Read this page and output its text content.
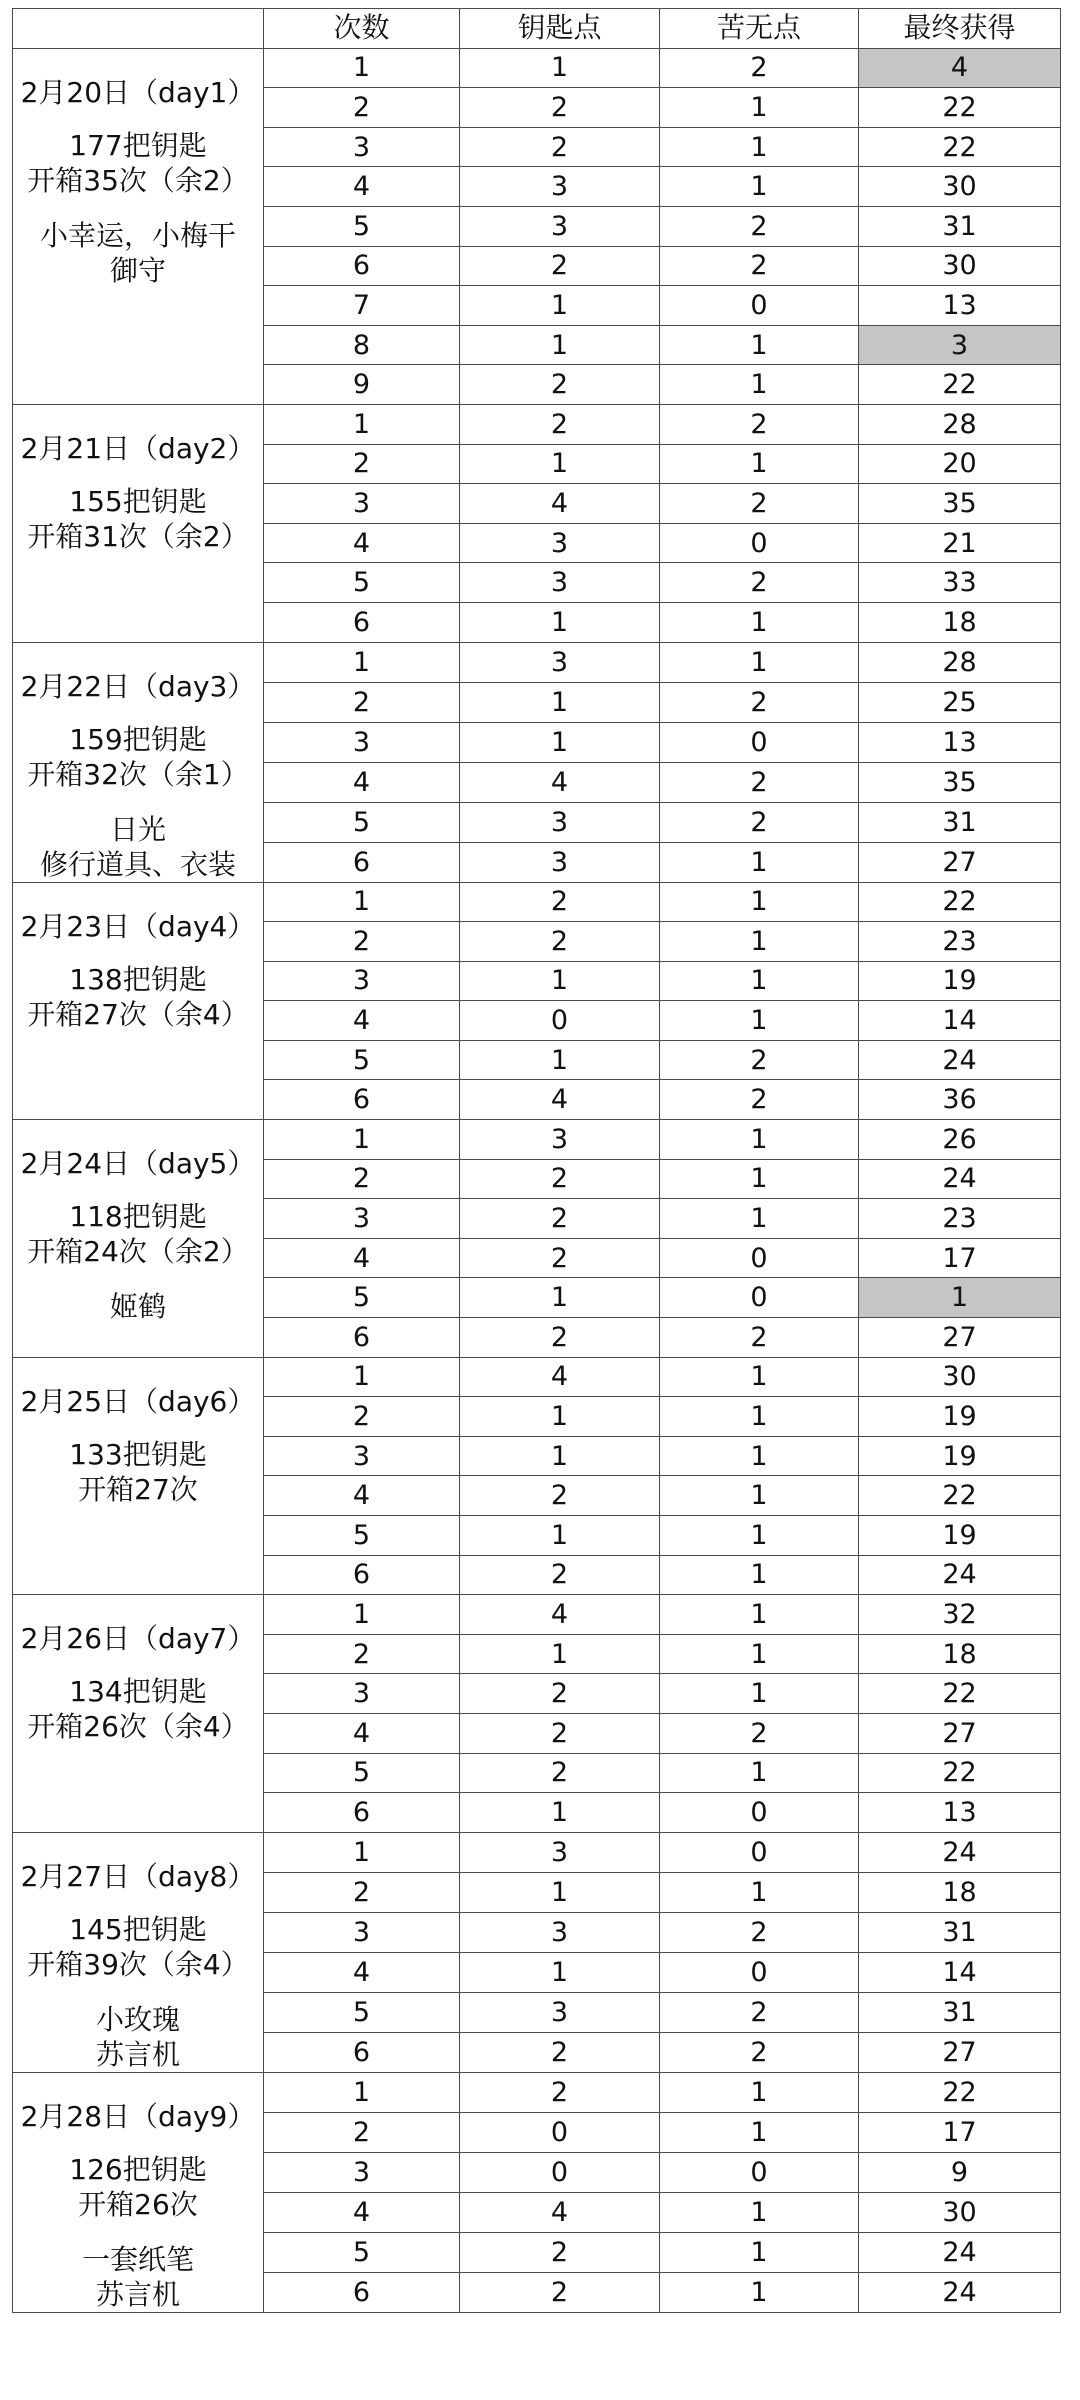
	次数	钥匙点	苦无点	最终获得

2月20日（day1）
177把钥匙
开箱35次（余2）
小幸运，小梅干
御守	1	1	2	4
	2	2	1	22
	3	2	1	22
	4	3	1	30
	5	3	2	31
	6	2	2	30
	7	1	0	13
	8	1	1	3
	9	2	1	22

2月21日（day2）
155把钥匙
开箱31次（余2）	1	2	2	28
	2	1	1	20
	3	4	2	35
	4	3	0	21
	5	3	2	33
	6	1	1	18

2月22日（day3）
159把钥匙
开箱32次（余1）
日光
修行道具、衣装	1	3	1	28
	2	1	2	25
	3	1	0	13
	4	4	2	35
	5	3	2	31
	6	3	1	27

2月23日（day4）
138把钥匙
开箱27次（余4）	1	2	1	22
	2	2	1	23
	3	1	1	19
	4	0	1	14
	5	1	2	24
	6	4	2	36

2月24日（day5）
118把钥匙
开箱24次（余2）
姬鹤	1	3	1	26
	2	2	1	24
	3	2	1	23
	4	2	0	17
	5	1	0	1
	6	2	2	27

2月25日（day6）
133把钥匙
开箱27次	1	4	1	30
	2	1	1	19
	3	1	1	19
	4	2	1	22
	5	1	1	19
	6	2	1	24

2月26日（day7）
134把钥匙
开箱26次（余4）	1	4	1	32
	2	1	1	18
	3	2	1	22
	4	2	2	27
	5	2	1	22
	6	1	0	13

2月27日（day8）
145把钥匙
开箱39次（余4）
小玫瑰
苏言机	1	3	0	24
	2	1	1	18
	3	3	2	31
	4	1	0	14
	5	3	2	31
	6	2	2	27

2月28日（day9）
126把钥匙
开箱26次
一套纸笔
苏言机	1	2	1	22
	2	0	1	17
	3	0	0	9
	4	4	1	30
	5	2	1	24
	6	2	1	24
